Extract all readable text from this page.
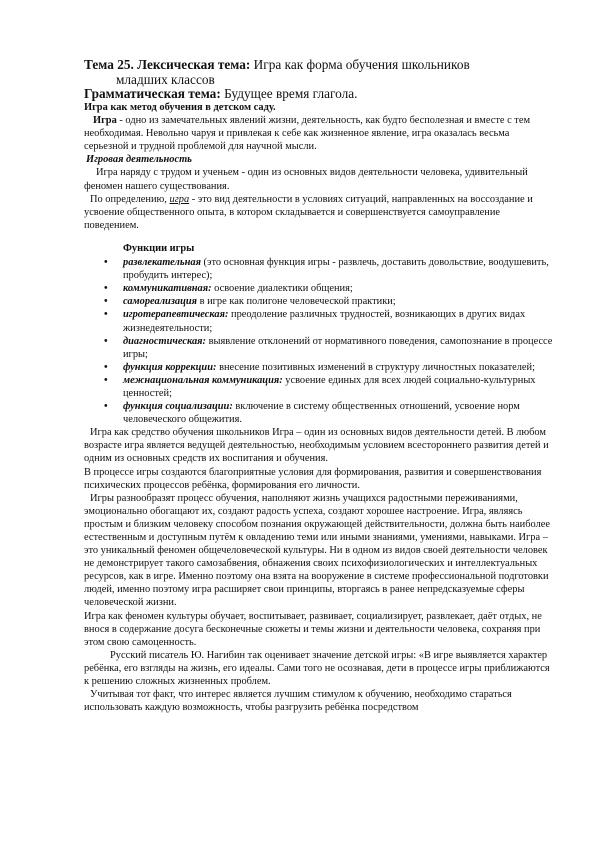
Тема 25. Лексическая тема: Игра как форма обучения школьников

младших классов

Грамматическая тема: Будущее время глагола.

Игра как метод обучения в детском саду.

Игра - одно из замечательных явлений жизни, деятельность, как будто бесполезная и вместе с тем необходимая. Невольно чаруя и привлекая к себе как жизненное явление, игра оказалась весьма серьезной и трудной проблемой для научной мысли.

Игровая деятельность

Игра наряду с трудом и ученьем - один из основных видов деятельности человека, удивительный феномен нашего существования.

По определению, игра - это вид деятельности в условиях ситуаций, направленных на воссоздание и усвоение общественного опыта, в котором складывается и совершенствуется самоуправление поведением.

Функции игры

• развлекательная (это основная функция игры - развлечь, доставить довольствие, воодушевить, пробудить интерес);
• коммуникативная: освоение диалектики общения;
• самореализация в игре как полигоне человеческой практики;
• игротерапевтическая: преодоление различных трудностей, возникающих в других видах жизнедеятельности;
• диагностическая: выявление отклонений от нормативного поведения, самопознание в процессе игры;
• функция коррекции: внесение позитивных изменений в структуру личностных показателей;
• межнациональная коммуникация: усвоение единых для всех людей социально-культурных ценностей;
• функция социализации: включение в систему общественных отношений, усвоение норм человеческого общежития.

Игра как средство обучения школьников Игра – один из основных видов деятельности детей. В любом возрасте игра является ведущей деятельностью, необходимым условием всестороннего развития детей и одним из основных средств их воспитания и обучения.

В процессе игры создаются благоприятные условия для формирования, развития и совершенствования психических процессов ребёнка, формирования его личности.

Игры разнообразят процесс обучения, наполняют жизнь учащихся радостными переживаниями, эмоционально обогащают их, создают радость успеха, создают хорошее настроение. Игра, являясь простым и близким человеку способом познания окружающей действительности, должна быть наиболее естественным и доступным путём к овладению теми или иными знаниями, умениями, навыками. Игра – это уникальный феномен общечеловеческой культуры. Ни в одном из видов своей деятельности человек не демонстрирует такого самозабвения, обнажения своих психофизиологических и интеллектуальных ресурсов, как в игре. Именно поэтому она взята на вооружение в системе профессиональной подготовки людей, именно поэтому игра расширяет свои принципы, вторгаясь в ранее непредсказуемые сферы человеческой жизни.

Игра как феномен культуры обучает, воспитывает, развивает, социализирует, развлекает, даёт отдых, не внося в содержание досуга бесконечные сюжеты и темы жизни и деятельности человека, сохраняя при этом свою самоценность.

Русский писатель Ю. Нагибин так оценивает значение детской игры: «В игре выявляется характер ребёнка, его взгляды на жизнь, его идеалы. Сами того не осознавая, дети в процессе игры приближаются к решению сложных жизненных проблем.

Учитывая тот факт, что интерес является лучшим стимулом к обучению, необходимо стараться использовать каждую возможность, чтобы разгрузить ребёнка посредством
